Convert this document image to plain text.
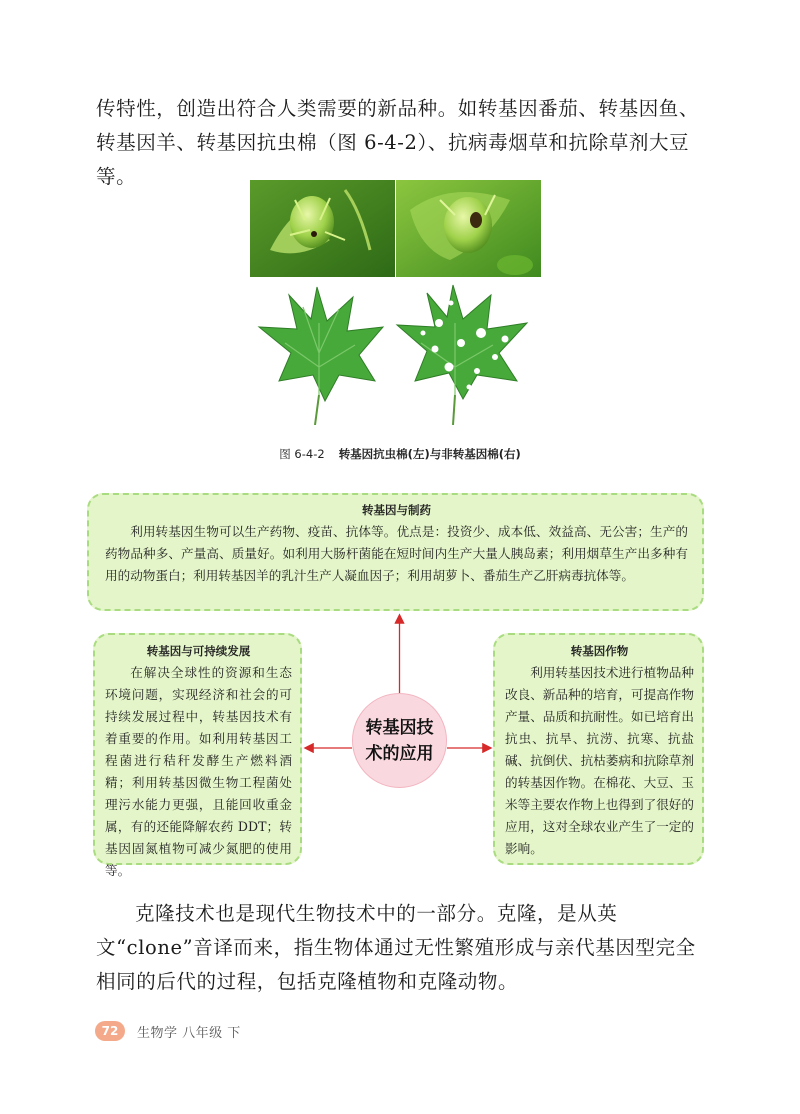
传特性，创造出符合人类需要的新品种。如转基因番茄、转基因鱼、转基因羊、转基因抗虫棉（图 6-4-2）、抗病毒烟草和抗除草剂大豆等。

图 6-4-2 转基因抗虫棉(左)与非转基因棉(右)
转基因与制药

利用转基因生物可以生产药物、疫苗、抗体等。优点是：投资少、成本低、效益高、无公害；生产的药物品种多、产量高、质量好。如利用大肠杆菌能在短时间内生产大量人胰岛素；利用烟草生产出多种有用的动物蛋白；利用转基因羊的乳汁生产人凝血因子；利用胡萝卜、番茄生产乙肝病毒抗体等。

转基因与可持续发展

在解决全球性的资源和生态环境问题，实现经济和社会的可持续发展过程中，转基因技术有着重要的作用。如利用转基因工程菌进行秸秆发酵生产燃料酒精；利用转基因微生物工程菌处理污水能力更强，且能回收重金属，有的还能降解农药 DDT；转基因固氮植物可减少氮肥的使用等。

转基因作物

利用转基因技术进行植物品种改良、新品种的培育，可提高作物产量、品质和抗耐性。如已培育出抗虫、抗旱、抗涝、抗寒、抗盐碱、抗倒伏、抗枯萎病和抗除草剂的转基因作物。在棉花、大豆、玉米等主要农作物上也得到了很好的应用，这对全球农业产生了一定的影响。

转基因技术的应用

克隆技术也是现代生物技术中的一部分。克隆，是从英文“clone”音译而来，指生物体通过无性繁殖形成与亲代基因型完全相同的后代的过程，包括克隆植物和克隆动物。

72	生物学 八年级 下
